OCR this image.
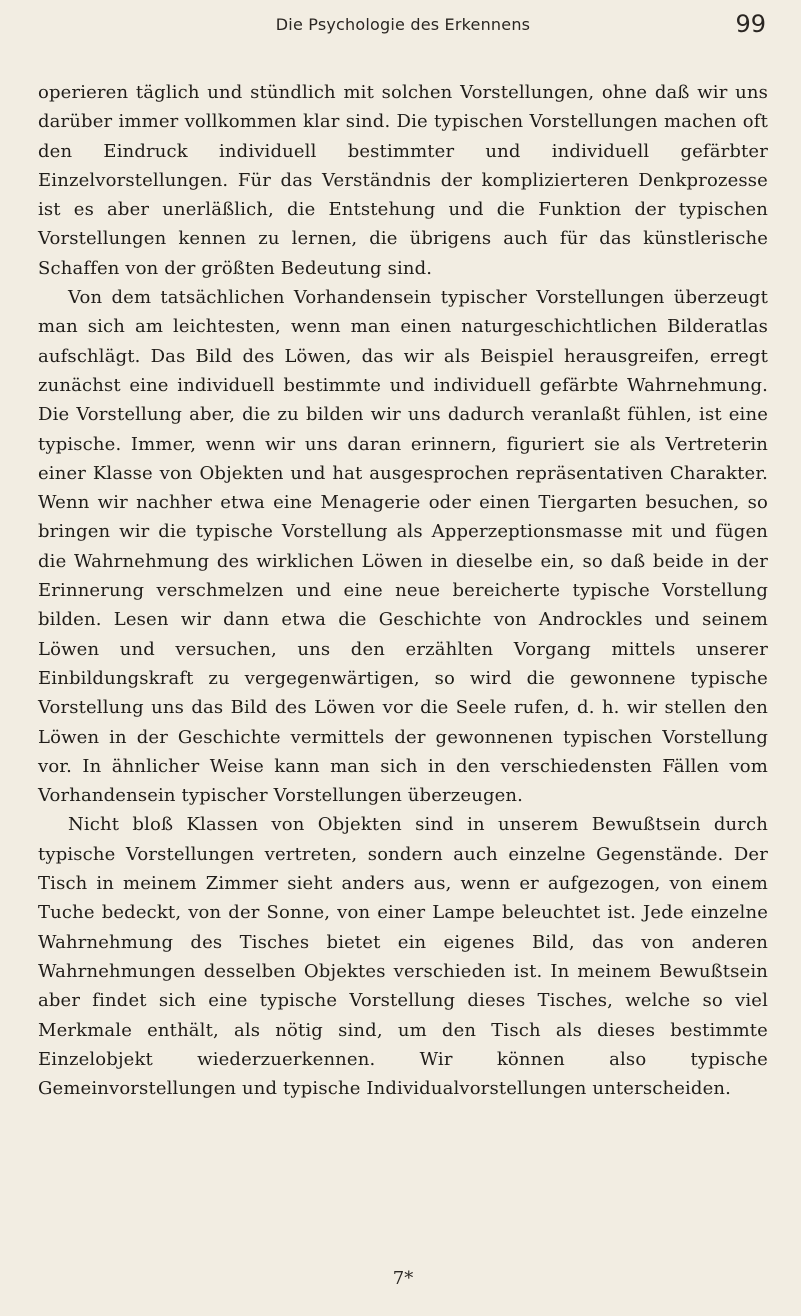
Die Psychologie des Erkennens	99

operieren täglich und stündlich mit solchen Vorstellungen, ohne daß wir uns darüber immer vollkommen klar sind. Die typischen Vorstellungen machen oft den Eindruck individuell bestimmter und individuell gefärbter Einzelvorstellungen. Für das Verständnis der komplizierteren Denkprozesse ist es aber unerläßlich, die Entstehung und die Funktion der typischen Vorstellungen kennen zu lernen, die übrigens auch für das künstlerische Schaffen von der größten Bedeutung sind.

Von dem tatsächlichen Vorhandensein typischer Vorstellungen überzeugt man sich am leichtesten, wenn man einen naturgeschichtlichen Bilderatlas aufschlägt. Das Bild des Löwen, das wir als Beispiel herausgreifen, erregt zunächst eine individuell bestimmte und individuell gefärbte Wahrnehmung. Die Vorstellung aber, die zu bilden wir uns dadurch veranlaßt fühlen, ist eine typische. Immer, wenn wir uns daran erinnern, figuriert sie als Vertreterin einer Klasse von Objekten und hat ausgesprochen repräsentativen Charakter. Wenn wir nachher etwa eine Menagerie oder einen Tiergarten besuchen, so bringen wir die typische Vorstellung als Apperzeptionsmasse mit und fügen die Wahrnehmung des wirklichen Löwen in dieselbe ein, so daß beide in der Erinnerung verschmelzen und eine neue bereicherte typische Vorstellung bilden. Lesen wir dann etwa die Geschichte von Androckles und seinem Löwen und versuchen, uns den erzählten Vorgang mittels unserer Einbildungskraft zu vergegenwärtigen, so wird die gewonnene typische Vorstellung uns das Bild des Löwen vor die Seele rufen, d. h. wir stellen den Löwen in der Geschichte vermittels der gewonnenen typischen Vorstellung vor. In ähnlicher Weise kann man sich in den verschiedensten Fällen vom Vorhandensein typischer Vorstellungen überzeugen.

Nicht bloß Klassen von Objekten sind in unserem Bewußtsein durch typische Vorstellungen vertreten, sondern auch einzelne Gegenstände. Der Tisch in meinem Zimmer sieht anders aus, wenn er aufgezogen, von einem Tuche bedeckt, von der Sonne, von einer Lampe beleuchtet ist. Jede einzelne Wahrnehmung des Tisches bietet ein eigenes Bild, das von anderen Wahrnehmungen desselben Objektes verschieden ist. In meinem Bewußtsein aber findet sich eine typische Vorstellung dieses Tisches, welche so viel Merkmale enthält, als nötig sind, um den Tisch als dieses bestimmte Einzelobjekt wiederzuerkennen. Wir können also typische Gemeinvorstellungen und typische Individualvorstellungen unterscheiden.

7*
